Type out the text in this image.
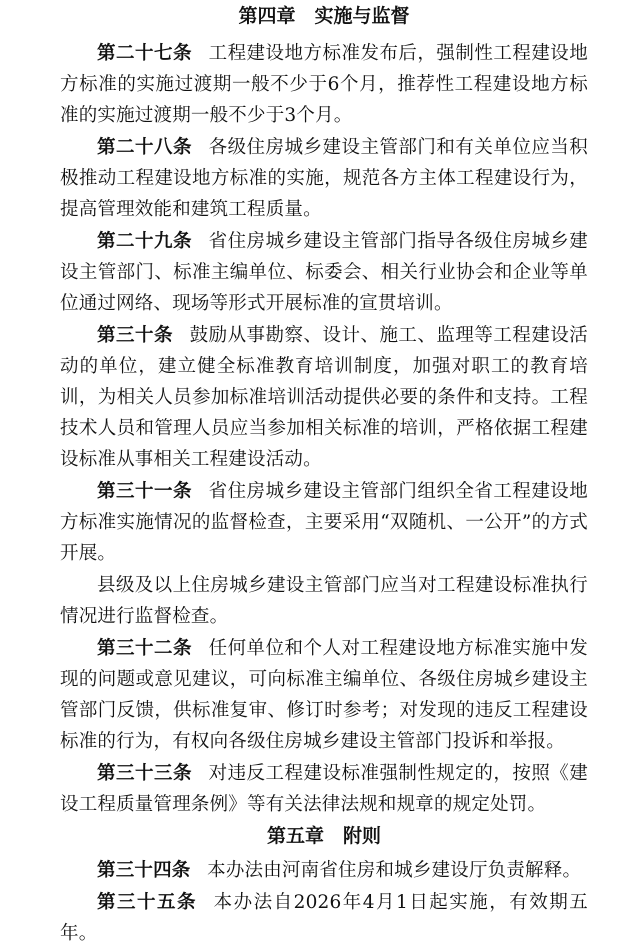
第四章　实施与监督

第二十七条 工程建设地方标准发布后，强制性工程建设地方标准的实施过渡期一般不少于6个月，推荐性工程建设地方标准的实施过渡期一般不少于3个月。

第二十八条 各级住房城乡建设主管部门和有关单位应当积极推动工程建设地方标准的实施，规范各方主体工程建设行为，提高管理效能和建筑工程质量。

第二十九条 省住房城乡建设主管部门指导各级住房城乡建设主管部门、标准主编单位、标委会、相关行业协会和企业等单位通过网络、现场等形式开展标准的宣贯培训。

第三十条 鼓励从事勘察、设计、施工、监理等工程建设活动的单位，建立健全标准教育培训制度，加强对职工的教育培训，为相关人员参加标准培训活动提供必要的条件和支持。工程技术人员和管理人员应当参加相关标准的培训，严格依据工程建设标准从事相关工程建设活动。

第三十一条 省住房城乡建设主管部门组织全省工程建设地方标准实施情况的监督检查，主要采用“双随机、一公开”的方式开展。

县级及以上住房城乡建设主管部门应当对工程建设标准执行情况进行监督检查。

第三十二条 任何单位和个人对工程建设地方标准实施中发现的问题或意见建议，可向标准主编单位、各级住房城乡建设主管部门反馈，供标准复审、修订时参考；对发现的违反工程建设标准的行为，有权向各级住房城乡建设主管部门投诉和举报。

第三十三条 对违反工程建设标准强制性规定的，按照《建设工程质量管理条例》等有关法律法规和规章的规定处罚。

第五章　附则

第三十四条 本办法由河南省住房和城乡建设厅负责解释。

第三十五条 本办法自2026年4月1日起实施，有效期五年。
